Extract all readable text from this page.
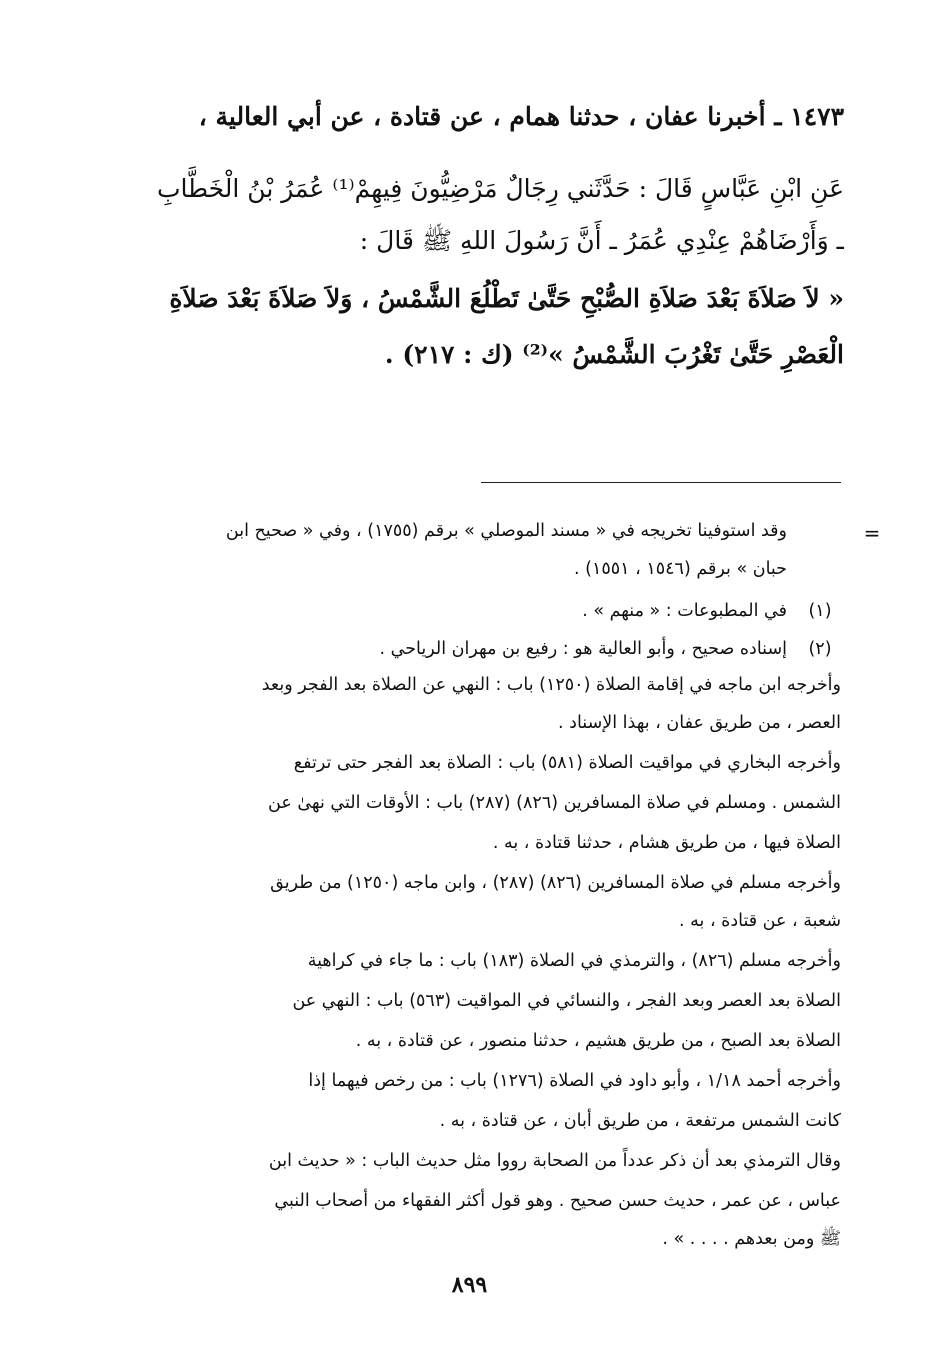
١٤٧٣ ـ أخبرنا عفان ، حدثنا همام ، عن قتادة ، عن أبي العالية ،
عَنِ ابْنِ عَبَّاسٍ قَالَ : حَدَّثَني رِجَالٌ مَرْضِيُّونَ فِيهِمْ⁽¹⁾ عُمَرُ بْنُ الْخَطَّابِ
ـ وَأَرْضَاهُمْ عِنْدِي عُمَرُ ـ أَنَّ رَسُولَ اللهِ ﷺ قَالَ :
« لاَ صَلاَةَ بَعْدَ صَلاَةِ الصُّبْحِ حَتَّىٰ تَطْلُعَ الشَّمْسُ ، وَلاَ صَلاَةَ بَعْدَ صَلاَةِ
الْعَصْرِ حَتَّىٰ تَغْرُبَ الشَّمْسُ »⁽²⁾ (ك : ٢١٧) .
=
وقد استوفينا تخريجه في « مسند الموصلي » برقم (١٧٥٥) ، وفي « صحيح ابن
حبان » برقم (١٥٤٦ ، ١٥٥١) .
(١)
في المطبوعات : « منهم » .
(٢)
إسناده صحيح ، وأبو العالية هو : رفيع بن مهران الرياحي .
وأخرجه ابن ماجه في إقامة الصلاة (١٢٥٠) باب : النهي عن الصلاة بعد الفجر وبعد
العصر ، من طريق عفان ، بهذا الإسناد .
وأخرجه البخاري في مواقيت الصلاة (٥٨١) باب : الصلاة بعد الفجر حتى ترتفع
الشمس . ومسلم في صلاة المسافرين (٨٢٦) (٢٨٧) باب : الأوقات التي نهىٰ عن
الصلاة فيها ، من طريق هشام ، حدثنا قتادة ، به .
وأخرجه مسلم في صلاة المسافرين (٨٢٦) (٢٨٧) ، وابن ماجه (١٢٥٠) من طريق
شعبة ، عن قتادة ، به .
وأخرجه مسلم (٨٢٦) ، والترمذي في الصلاة (١٨٣) باب : ما جاء في كراهية
الصلاة بعد العصر وبعد الفجر ، والنسائي في المواقيت (٥٦٣) باب : النهي عن
الصلاة بعد الصبح ، من طريق هشيم ، حدثنا منصور ، عن قتادة ، به .
وأخرجه أحمد ١/١٨ ، وأبو داود في الصلاة (١٢٧٦) باب : من رخص فيهما إذا
كانت الشمس مرتفعة ، من طريق أبان ، عن قتادة ، به .
وقال الترمذي بعد أن ذكر عدداً من الصحابة رووا مثل حديث الباب : « حديث ابن
عباس ، عن عمر ، حديث حسن صحيح . وهو قول أكثر الفقهاء من أصحاب النبي
ﷺ ومن بعدهم . . . . » .
٨٩٩
